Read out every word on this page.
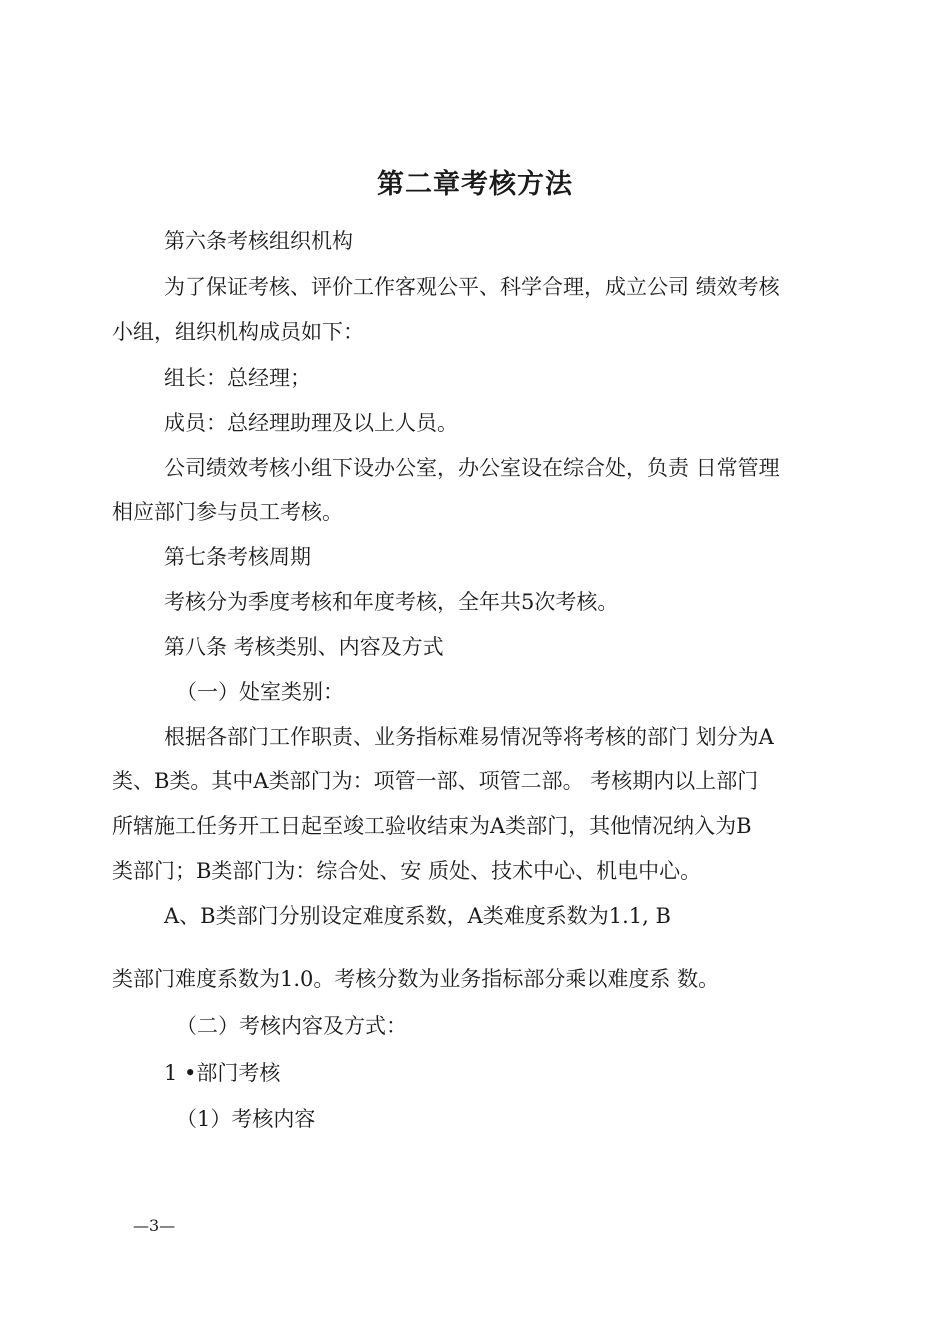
第二章考核方法
第六条考核组织机构
为了保证考核、评价工作客观公平、科学合理，成立公司 绩效考核
小组，组织机构成员如下：
组长：总经理；
成员：总经理助理及以上人员。
公司绩效考核小组下设办公室，办公室设在综合处，负责 日常管理
相应部门参与员工考核。
第七条考核周期
考核分为季度考核和年度考核，全年共5次考核。
第八条 考核类别、内容及方式
（一）处室类别：
根据各部门工作职责、业务指标难易情况等将考核的部门 划分为A
类、B类。其中A类部门为：项管一部、项管二部。 考核期内以上部门
所辖施工任务开工日起至竣工验收结束为A类部门，其他情况纳入为B
类部门；B类部门为：综合处、安 质处、技术中心、机电中心。
A、B类部门分别设定难度系数，A类难度系数为1.1, B
类部门难度系数为1.0。考核分数为业务指标部分乘以难度系 数。
（二）考核内容及方式：
1 •部门考核
（1）考核内容
—3—
